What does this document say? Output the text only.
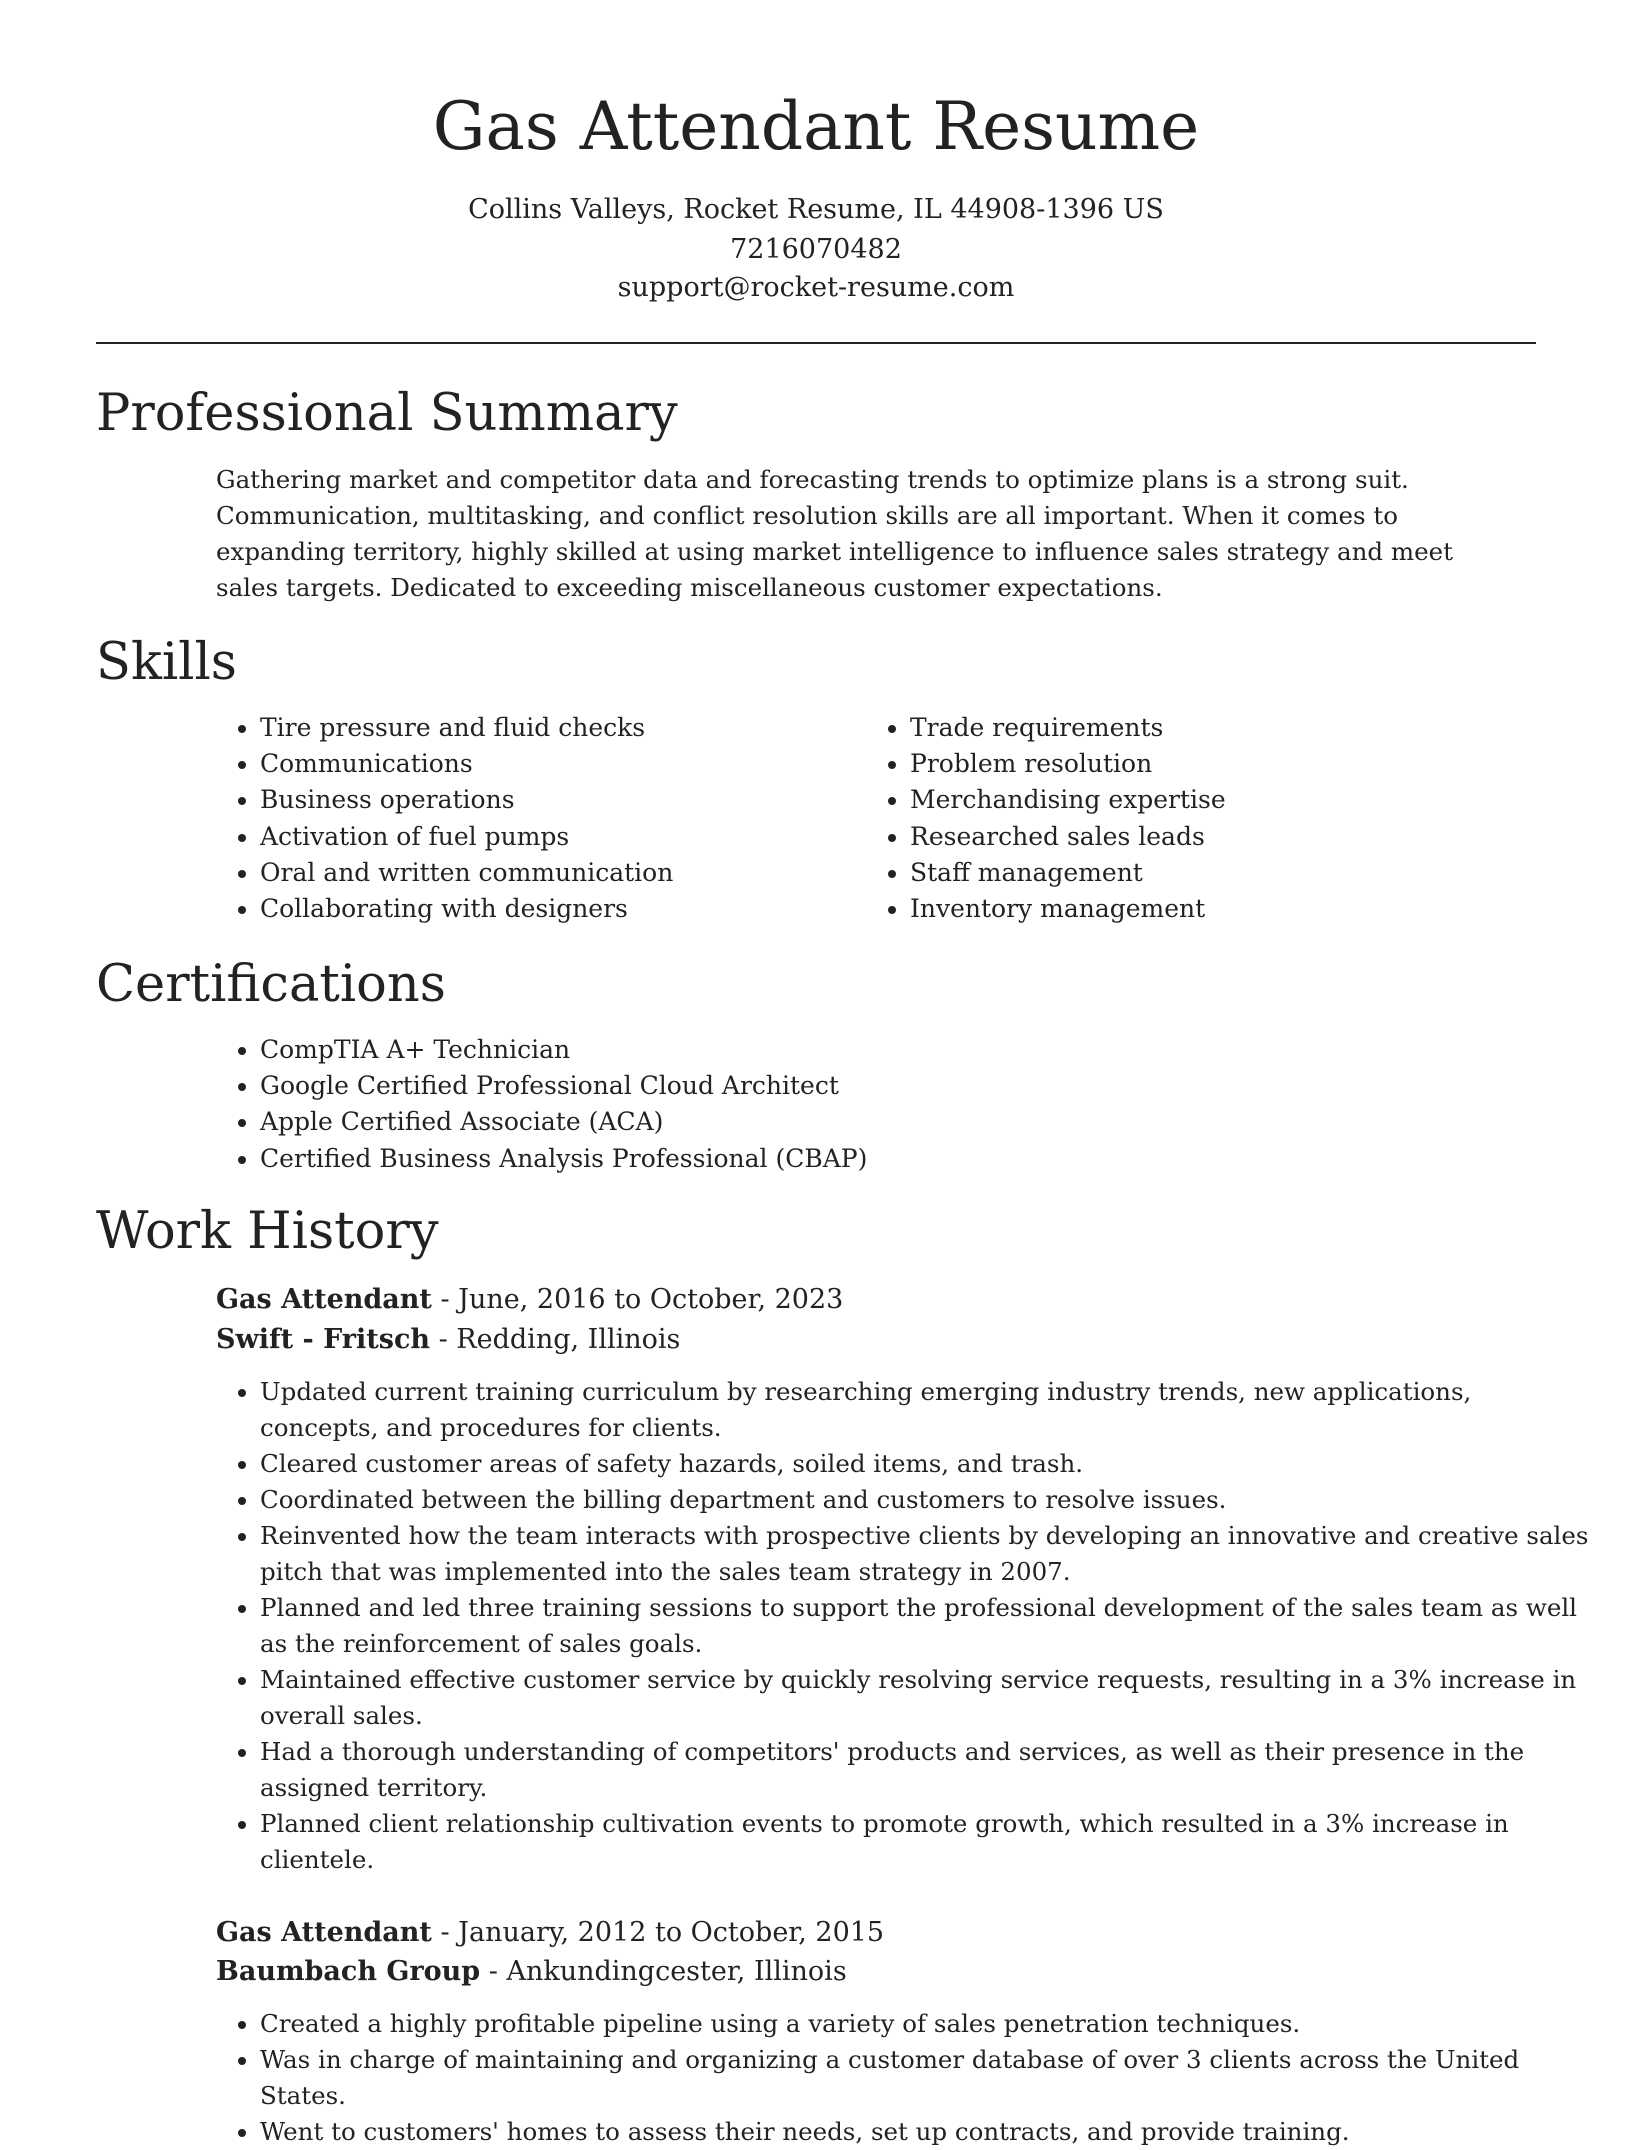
Gas Attendant Resume
Collins Valleys, Rocket Resume, IL 44908-1396 US
7216070482
support@rocket-resume.com
Professional Summary

Gathering market and competitor data and forecasting trends to optimize plans is a strong suit. Communication, multitasking, and conflict resolution skills are all important. When it comes to expanding territory, highly skilled at using market intelligence to influence sales strategy and meet sales targets. Dedicated to exceeding miscellaneous customer expectations.

Skills
• Tire pressure and fluid checks
• Communications
• Business operations
• Activation of fuel pumps
• Oral and written communication
• Collaborating with designers
• Trade requirements
• Problem resolution
• Merchandising expertise
• Researched sales leads
• Staff management
• Inventory management
Certifications
• CompTIA A+ Technician
• Google Certified Professional Cloud Architect
• Apple Certified Associate (ACA)
• Certified Business Analysis Professional (CBAP)
Work History
Gas Attendant - June, 2016 to October, 2023
Swift - Fritsch - Redding, Illinois
• Updated current training curriculum by researching emerging industry trends, new applications, concepts, and procedures for clients.
• Cleared customer areas of safety hazards, soiled items, and trash.
• Coordinated between the billing department and customers to resolve issues.
• Reinvented how the team interacts with prospective clients by developing an innovative and creative sales pitch that was implemented into the sales team strategy in 2007.
• Planned and led three training sessions to support the professional development of the sales team as well as the reinforcement of sales goals.
• Maintained effective customer service by quickly resolving service requests, resulting in a 3% increase in overall sales.
• Had a thorough understanding of competitors' products and services, as well as their presence in the assigned territory.
• Planned client relationship cultivation events to promote growth, which resulted in a 3% increase in clientele.
Gas Attendant - January, 2012 to October, 2015
Baumbach Group - Ankundingcester, Illinois
• Created a highly profitable pipeline using a variety of sales penetration techniques.
• Was in charge of maintaining and organizing a customer database of over 3 clients across the United States.
• Went to customers' homes to assess their needs, set up contracts, and provide training.
